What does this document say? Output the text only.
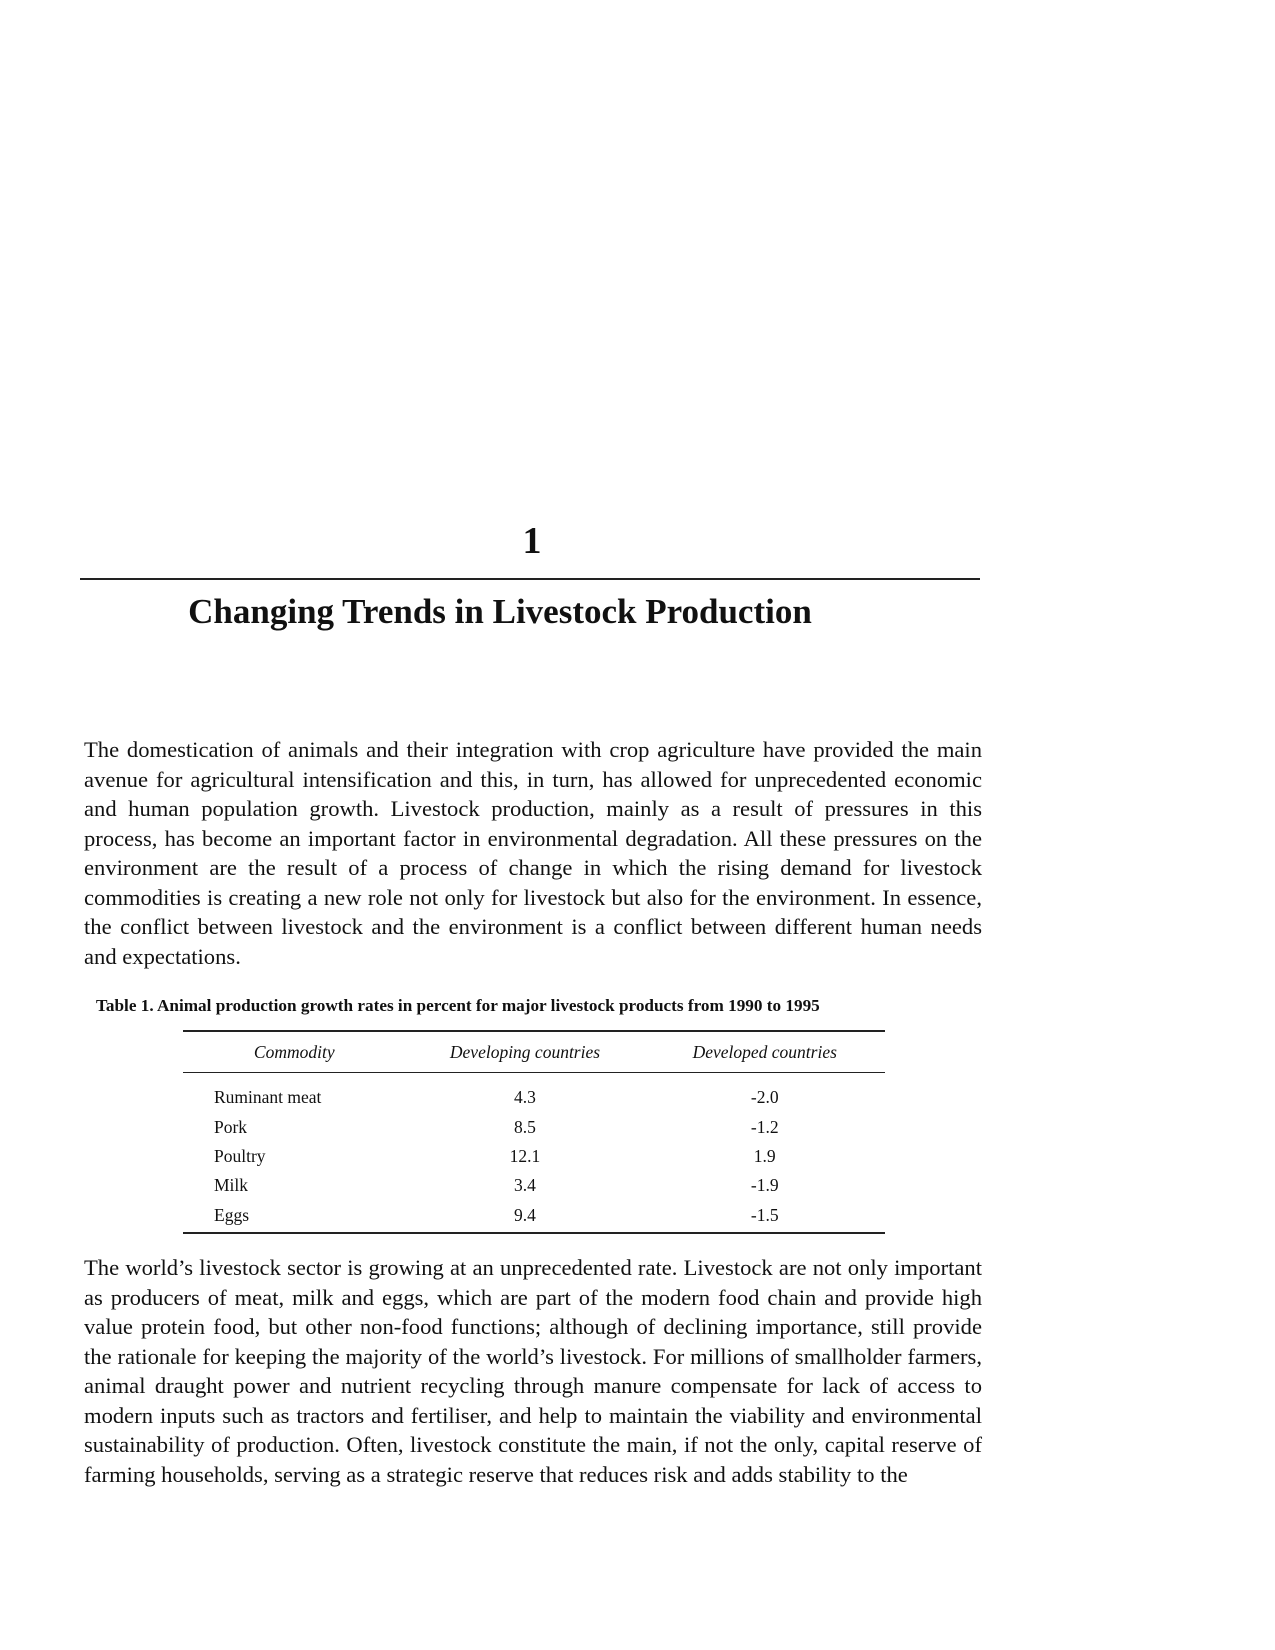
1
Changing Trends in Livestock Production

The domestication of animals and their integration with crop agriculture have provided the main avenue for agricultural intensification and this, in turn, has allowed for unprecedented economic and human population growth. Livestock production, mainly as a result of pressures in this process, has become an important factor in environmental degradation. All these pressures on the environment are the result of a process of change in which the rising demand for livestock commodities is creating a new role not only for livestock but also for the environment. In essence, the conflict between livestock and the environment is a conflict between different human needs and expectations.

Table 1. Animal production growth rates in percent for major livestock products from 1990 to 1995
Commodity	Developing countries	Developed countries
Ruminant meat	4.3	-2.0
Pork	8.5	-1.2
Poultry	12.1	1.9
Milk	3.4	-1.9
Eggs	9.4	-1.5

The world’s livestock sector is growing at an unprecedented rate. Livestock are not only important as producers of meat, milk and eggs, which are part of the modern food chain and provide high value protein food, but other non-food functions; although of declining importance, still provide the rationale for keeping the majority of the world’s livestock. For millions of smallholder farmers, animal draught power and nutrient recycling through manure compensate for lack of access to modern inputs such as tractors and fertiliser, and help to maintain the viability and environmental sustainability of production. Often, livestock constitute the main, if not the only, capital reserve of farming households, serving as a strategic reserve that reduces risk and adds stability to the
